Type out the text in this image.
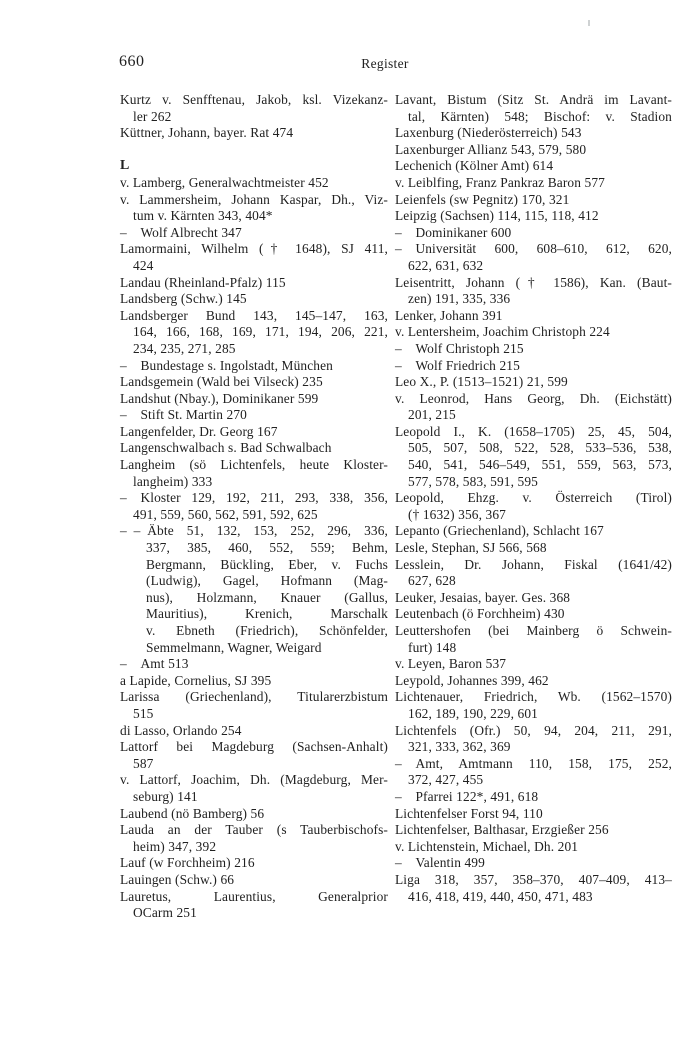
660	Register
Kurtz v. Senfftenau, Jakob, ksl. Vizekanz-
ler 262
Küttner, Johann, bayer. Rat 474
L
v. Lamberg, Generalwachtmeister 452
v. Lammersheim, Johann Kaspar, Dh., Viz-
tum v. Kärnten 343, 404*
–  Wolf Albrecht 347
Lamormaini, Wilhelm († 1648), SJ 411,
424
Landau (Rheinland-Pfalz) 115
Landsberg (Schw.) 145
Landsberger Bund 143, 145–147, 163,
164, 166, 168, 169, 171, 194, 206, 221,
234, 235, 271, 285
–  Bundestage s. Ingolstadt, München
Landsgemein (Wald bei Vilseck) 235
Landshut (Nbay.), Dominikaner 599
–  Stift St. Martin 270
Langenfelder, Dr. Georg 167
Langenschwalbach s. Bad Schwalbach
Langheim (sö Lichtenfels, heute Kloster-
langheim) 333
–  Kloster 129, 192, 211, 293, 338, 356,
491, 559, 560, 562, 591, 592, 625
– – Äbte 51, 132, 153, 252, 296, 336,
337, 385, 460, 552, 559; Behm,
Bergmann, Bückling, Eber, v. Fuchs
(Ludwig), Gagel, Hofmann (Mag-
nus), Holzmann, Knauer (Gallus,
Mauritius), Krenich, Marschalk
v. Ebneth (Friedrich), Schönfelder,
Semmelmann, Wagner, Weigard
–  Amt 513
a Lapide, Cornelius, SJ 395
Larissa (Griechenland), Titularerzbistum
515
di Lasso, Orlando 254
Lattorf bei Magdeburg (Sachsen-Anhalt)
587
v. Lattorf, Joachim, Dh. (Magdeburg, Mer-
seburg) 141
Laubend (nö Bamberg) 56
Lauda an der Tauber (s Tauberbischofs-
heim) 347, 392
Lauf (w Forchheim) 216
Lauingen (Schw.) 66
Lauretus, Laurentius, Generalprior
OCarm 251
Lavant, Bistum (Sitz St. Andrä im Lavant-
tal, Kärnten) 548; Bischof: v. Stadion
Laxenburg (Niederösterreich) 543
Laxenburger Allianz 543, 579, 580
Lechenich (Kölner Amt) 614
v. Leiblfing, Franz Pankraz Baron 577
Leienfels (sw Pegnitz) 170, 321
Leipzig (Sachsen) 114, 115, 118, 412
–  Dominikaner 600
–  Universität 600, 608–610, 612, 620,
622, 631, 632
Leisentritt, Johann († 1586), Kan. (Baut-
zen) 191, 335, 336
Lenker, Johann 391
v. Lentersheim, Joachim Christoph 224
–  Wolf Christoph 215
–  Wolf Friedrich 215
Leo X., P. (1513–1521) 21, 599
v. Leonrod, Hans Georg, Dh. (Eichstätt)
201, 215
Leopold I., K. (1658–1705) 25, 45, 504,
505, 507, 508, 522, 528, 533–536, 538,
540, 541, 546–549, 551, 559, 563, 573,
577, 578, 583, 591, 595
Leopold, Ehzg. v. Österreich (Tirol)
(† 1632) 356, 367
Lepanto (Griechenland), Schlacht 167
Lesle, Stephan, SJ 566, 568
Lesslein, Dr. Johann, Fiskal (1641/42)
627, 628
Leuker, Jesaias, bayer. Ges. 368
Leutenbach (ö Forchheim) 430
Leuttershofen (bei Mainberg ö Schwein-
furt) 148
v. Leyen, Baron 537
Leypold, Johannes 399, 462
Lichtenauer, Friedrich, Wb. (1562–1570)
162, 189, 190, 229, 601
Lichtenfels (Ofr.) 50, 94, 204, 211, 291,
321, 333, 362, 369
–  Amt, Amtmann 110, 158, 175, 252,
372, 427, 455
–  Pfarrei 122*, 491, 618
Lichtenfelser Forst 94, 110
Lichtenfelser, Balthasar, Erzgießer 256
v. Lichtenstein, Michael, Dh. 201
–  Valentin 499
Liga 318, 357, 358–370, 407–409, 413–
416, 418, 419, 440, 450, 471, 483
